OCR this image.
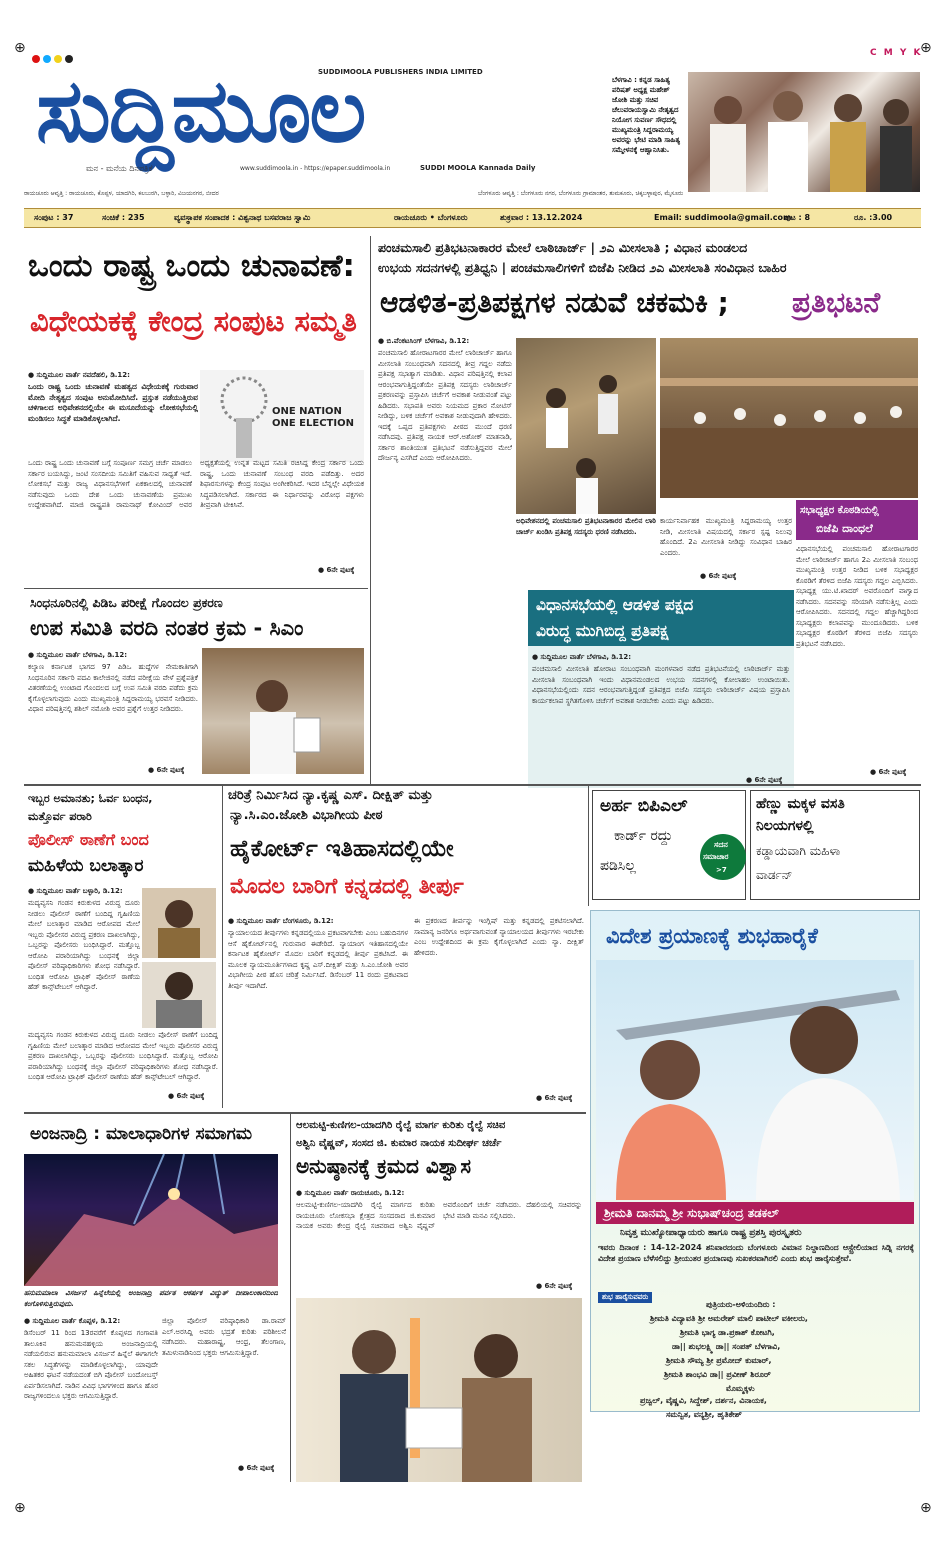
⊕	⊕
C M Y K
ಸುದ್ದಿಮೂಲ
SUDDIMOOLA PUBLISHERS INDIA LIMITED
ಮನ - ಮನೆಯ ದಿನಪತ್ರಿಕೆ	www.suddimoola.in - https://epaper.suddimoola.in	SUDDI MOOLA Kannada Daily
ಬೆಳಗಾವಿ : ಕನ್ನಡ ಸಾಹಿತ್ಯ ಪರಿಷತ್ ಅಧ್ಯಕ್ಷ ಮಹೇಶ್ ಜೋಶಿ ಮತ್ತು ಸಚಿವ ಚೆಲುವರಾಯಸ್ವಾಮಿ ನೇತೃತ್ವದ ನಿಯೋಗ ಸುವರ್ಣ ಸೌಧದಲ್ಲಿ ಮುಖ್ಯಮಂತ್ರಿ ಸಿದ್ದರಾಮಯ್ಯ ಅವರನ್ನು ಭೇಟಿ ಮಾಡಿ ಸಾಹಿತ್ಯ ಸಮ್ಮೇಳನಕ್ಕೆ ಆಹ್ವಾನಿಸಿತು.
ರಾಯಚೂರು ಆವೃತ್ತಿ : ರಾಯಚೂರು, ಕೊಪ್ಪಳ, ಯಾದಗಿರಿ, ಕಲಬುರಗಿ, ಬಳ್ಳಾರಿ, ವಿಜಯನಗರ, ಬೀದರ	ಬೆಂಗಳೂರು ಆವೃತ್ತಿ : ಬೆಂಗಳೂರು ನಗರ, ಬೆಂಗಳೂರು ಗ್ರಾಮಾಂತರ, ತುಮಕೂರು, ಚಿಕ್ಕಬಳ್ಳಾಪುರ, ಮೈಸೂರು
ಸಂಪುಟ : 37	ಸಂಚಿಕೆ : 235	ವ್ಯವಸ್ಥಾಪಕ ಸಂಪಾದಕ : ವಿಶ್ವನಾಥ ಬಸವರಾಜ ಸ್ವಾಮಿ	ರಾಯಚೂರು • ಬೆಂಗಳೂರು	ಶುಕ್ರವಾರ : 13.12.2024	Email: suddimoola@gmail.com
ಪುಟ : 8	ರೂ. :3.00
ಒಂದು ರಾಷ್ಟ್ರ ಒಂದು ಚುನಾವಣೆ:
ವಿಧೇಯಕಕ್ಕೆ ಕೇಂದ್ರ ಸಂಪುಟ ಸಮ್ಮತಿ
● ಸುದ್ದಿಮೂಲ ವಾರ್ತೆ ನವದೆಹಲಿ, ಡಿ.12:
ಒಂದು ರಾಷ್ಟ್ರ ಒಂದು ಚುನಾವಣೆ ಮಹತ್ವದ ವಿಧೇಯಕಕ್ಕೆ ಗುರುವಾರ ಮೋದಿ ನೇತೃತ್ವದ ಸಂಪುಟ ಅನುಮೋದಿಸಿದೆ. ಪ್ರಸ್ತುತ ನಡೆಯುತ್ತಿರುವ ಚಳಿಗಾಲದ ಅಧಿವೇಶನದಲ್ಲಿಯೇ ಈ ಮಸೂದೆಯನ್ನು ಲೋಕಸಭೆಯಲ್ಲಿ ಮಂಡಿಸಲು ಸಿದ್ಧತೆ ಮಾಡಿಕೊಳ್ಳಲಾಗಿದೆ.
ONE NATION ONE ELECTION
ಒಂದು ರಾಷ್ಟ್ರ ಒಂದು ಚುನಾವಣೆ ಬಗ್ಗೆ ಸಂಪೂರ್ಣ ಸಮಗ್ರ ಚರ್ಚೆ ಮಾಡಲು ಸರ್ಕಾರ ಬಯಸಿದ್ದು, ಜಂಟಿ ಸಂಸದೀಯ ಸಮಿತಿಗೆ ವಹಿಸುವ ಸಾಧ್ಯತೆ ಇದೆ. ಲೋಕಸಭೆ ಮತ್ತು ರಾಜ್ಯ ವಿಧಾನಸಭೆಗಳಿಗೆ ಏಕಕಾಲದಲ್ಲಿ ಚುನಾವಣೆ ನಡೆಸುವುದು ಒಂದು ದೇಶ ಒಂದು ಚುನಾವಣೆಯ ಪ್ರಮುಖ ಉದ್ದೇಶವಾಗಿದೆ. ಮಾಜಿ ರಾಷ್ಟ್ರಪತಿ ರಾಮನಾಥ್ ಕೋವಿಂದ್ ಅವರ ಅಧ್ಯಕ್ಷತೆಯಲ್ಲಿ ಉನ್ನತ ಮಟ್ಟದ ಸಮಿತಿ ರಚಿಸಿದ್ದ ಕೇಂದ್ರ ಸರ್ಕಾರ ಒಂದು ರಾಷ್ಟ್ರ, ಒಂದು ಚುನಾವಣೆ ಸಂಬಂಧ ವರದಿ ಪಡೆದಿತ್ತು. ಅದರ ಶಿಫಾರಸುಗಳನ್ನು ಕೇಂದ್ರ ಸಂಪುಟ ಅಂಗೀಕರಿಸಿದೆ. ಇದರ ಬೆನ್ನಲ್ಲೇ ವಿಧೇಯಕ ಸಿದ್ಧಪಡಿಸಲಾಗಿದೆ. ಸರ್ಕಾರದ ಈ ನಿರ್ಧಾರವನ್ನು ವಿರೋಧ ಪಕ್ಷಗಳು ತೀವ್ರವಾಗಿ ಟೀಕಿಸಿವೆ.
● 6ನೇ ಪುಟಕ್ಕೆ
ಪಂಚಮಸಾಲಿ ಪ್ರತಿಭಟನಾಕಾರರ ಮೇಲೆ ಲಾಠಿಚಾರ್ಜ್ | ೨ಎ ಮೀಸಲಾತಿ ; ವಿಧಾನ ಮಂಡಲದ
ಉಭಯ ಸದನಗಳಲ್ಲಿ ಪ್ರತಿಧ್ವನಿ | ಪಂಚಮಸಾಲಿಗಳಿಗೆ ಬಿಜೆಪಿ ನೀಡಿದ ೨ಎ ಮೀಸಲಾತಿ ಸಂವಿಧಾನ ಬಾಹಿರ
ಆಡಳಿತ-ಪ್ರತಿಪಕ್ಷಗಳ ನಡುವೆ ಚಕಮಕಿ ; ಪ್ರತಿಭಟನೆ
● ಬಿ.ವೆಂಕಟಸಿಂಗ್ ಬೆಳಗಾವಿ, ಡಿ.12:
ಪಂಚಮಸಾಲಿ ಹೋರಾಟಗಾರರ ಮೇಲೆ ಲಾಠಿಚಾರ್ಜ್ ಹಾಗೂ ಮೀಸಲಾತಿ ಸಂಬಂಧವಾಗಿ ಸದನದಲ್ಲಿ ತೀವ್ರ ಗದ್ದಲ ನಡೆದು ಪ್ರತಿಪಕ್ಷ ಸಭಾತ್ಯಾಗ ಮಾಡಿತು. ವಿಧಾನ ಪರಿಷತ್ತಿನಲ್ಲಿ ಕಲಾಪ ಆರಂಭವಾಗುತ್ತಿದ್ದಂತೆಯೇ ಪ್ರತಿಪಕ್ಷ ಸದಸ್ಯರು ಲಾಠಿಚಾರ್ಜ್ ಪ್ರಕರಣವನ್ನು ಪ್ರಸ್ತಾಪಿಸಿ ಚರ್ಚೆಗೆ ಅವಕಾಶ ನೀಡುವಂತೆ ಪಟ್ಟು ಹಿಡಿದರು. ಸಭಾಪತಿ ಅವರು ನಿಯಮದ ಪ್ರಕಾರ ನೋಟಿಸ್ ನೀಡಿದ್ದು, ಬಳಿಕ ಚರ್ಚೆಗೆ ಅವಕಾಶ ನೀಡುವುದಾಗಿ ಹೇಳಿದರು. ಇದಕ್ಕೆ ಒಪ್ಪದ ಪ್ರತಿಪಕ್ಷಗಳು ಪೀಠದ ಮುಂದೆ ಧರಣಿ ನಡೆಸಿದವು. ಪ್ರತಿಪಕ್ಷ ನಾಯಕ ಆರ್.ಅಶೋಕ್ ಮಾತನಾಡಿ, ಸರ್ಕಾರ ಶಾಂತಿಯುತ ಪ್ರತಿಭಟನೆ ನಡೆಸುತ್ತಿದ್ದವರ ಮೇಲೆ ದೌರ್ಜನ್ಯ ಎಸಗಿದೆ ಎಂದು ಆರೋಪಿಸಿದರು.
● 6ನೇ ಪುಟಕ್ಕೆ
ಅಧಿವೇಶನದಲ್ಲಿ ಪಂಚಮಸಾಲಿ ಪ್ರತಿಭಟನಾಕಾರರ ಮೇಲಿನ ಲಾಠಿ ಚಾರ್ಜ್ ಖಂಡಿಸಿ ಪ್ರತಿಪಕ್ಷ ಸದಸ್ಯರು ಧರಣಿ ನಡೆಸಿದರು.
ಕಾರ್ಯನಿರ್ವಾಹಕ ಮುಖ್ಯಮಂತ್ರಿ ಸಿದ್ದರಾಮಯ್ಯ ಉತ್ತರ ನೀಡಿ, ಮೀಸಲಾತಿ ವಿಷಯದಲ್ಲಿ ಸರ್ಕಾರ ಸ್ಪಷ್ಟ ನಿಲುವು ಹೊಂದಿದೆ. 2ಎ ಮೀಸಲಾತಿ ನೀಡಿದ್ದು ಸಂವಿಧಾನ ಬಾಹಿರ ಎಂದರು.
ಸಭಾಧ್ಯಕ್ಷರ ಕೊಠಡಿಯಲ್ಲಿ
ಬಿಜೆಪಿ ದಾಂಧಲೆ
ವಿಧಾನಸಭೆಯಲ್ಲಿ ಪಂಚಮಸಾಲಿ ಹೋರಾಟಗಾರರ ಮೇಲೆ ಲಾಠಿಚಾರ್ಜ್ ಹಾಗೂ 2ಎ ಮೀಸಲಾತಿ ಸಂಬಂಧ ಮುಖ್ಯಮಂತ್ರಿ ಉತ್ತರ ನೀಡಿದ ಬಳಿಕ ಸಭಾಧ್ಯಕ್ಷರ ಕೊಠಡಿಗೆ ತೆರಳಿದ ಬಿಜೆಪಿ ಸದಸ್ಯರು ಗದ್ದಲ ಎಬ್ಬಿಸಿದರು. ಸಭಾಧ್ಯಕ್ಷ ಯು.ಟಿ.ಖಾದರ್ ಅವರೊಂದಿಗೆ ವಾಗ್ವಾದ ನಡೆಸಿದರು. ಸದನವನ್ನು ಸರಿಯಾಗಿ ನಡೆಸುತ್ತಿಲ್ಲ ಎಂದು ಆರೋಪಿಸಿದರು. ಸದನದಲ್ಲಿ ಗದ್ದಲ ಹೆಚ್ಚಾಗಿದ್ದರಿಂದ ಸಭಾಧ್ಯಕ್ಷರು ಕಲಾಪವನ್ನು ಮುಂದೂಡಿದರು. ಬಳಿಕ ಸಭಾಧ್ಯಕ್ಷರ ಕೊಠಡಿಗೆ ತೆರಳಿದ ಬಿಜೆಪಿ ಸದಸ್ಯರು ಪ್ರತಿಭಟನೆ ನಡೆಸಿದರು.
● 6ನೇ ಪುಟಕ್ಕೆ
ವಿಧಾನಸಭೆಯಲ್ಲಿ ಆಡಳಿತ ಪಕ್ಷದ
ವಿರುದ್ಧ ಮುಗಿಬಿದ್ದ ಪ್ರತಿಪಕ್ಷ
● ಸುದ್ದಿಮೂಲ ವಾರ್ತೆ ಬೆಳಗಾವಿ, ಡಿ.12:
ಪಂಚಮಸಾಲಿ ಮೀಸಲಾತಿ ಹೋರಾಟ ಸಂಬಂಧವಾಗಿ ಮಂಗಳವಾರ ನಡೆದ ಪ್ರತಿಭಟನೆಯಲ್ಲಿ ಲಾಠಿಚಾರ್ಜ್ ಮತ್ತು ಮೀಸಲಾತಿ ಸಂಬಂಧವಾಗಿ ಇಂದು ವಿಧಾನಮಂಡಲದ ಉಭಯ ಸದನಗಳಲ್ಲಿ ಕೋಲಾಹಲ ಉಂಟಾಯಿತು. ವಿಧಾನಸಭೆಯಲ್ಲಿಂದು ಸದನ ಆರಂಭವಾಗುತ್ತಿದ್ದಂತೆ ಪ್ರತಿಪಕ್ಷದ ಬಿಜೆಪಿ ಸದಸ್ಯರು ಲಾಠಿಚಾರ್ಜ್ ವಿಷಯ ಪ್ರಸ್ತಾಪಿಸಿ ಕಾರ್ಯಕಲಾಪ ಸ್ಥಗಿತಗೊಳಿಸಿ ಚರ್ಚೆಗೆ ಅವಕಾಶ ನೀಡಬೇಕು ಎಂದು ಪಟ್ಟು ಹಿಡಿದರು.
● 6ನೇ ಪುಟಕ್ಕೆ
ಸಿಂಧನೂರಿನಲ್ಲಿ ಪಿಡಿಒ ಪರೀಕ್ಷೆ ಗೊಂದಲ ಪ್ರಕರಣ
ಉಪ ಸಮಿತಿ ವರದಿ ನಂತರ ಕ್ರಮ - ಸಿಎಂ
● ಸುದ್ದಿಮೂಲ ವಾರ್ತೆ ಬೆಳಗಾವಿ, ಡಿ.12:
ಕಲ್ಯಾಣ ಕರ್ನಾಟಕ ಭಾಗದ 97 ಪಿಡಿಒ ಹುದ್ದೆಗಳ ನೇಮಕಾತಿಗಾಗಿ ಸಿಂಧನೂರಿನ ಸರ್ಕಾರಿ ಪದವಿ ಕಾಲೇಜಿನಲ್ಲಿ ನಡೆದ ಪರೀಕ್ಷೆಯ ವೇಳೆ ಪ್ರಶ್ನೆಪತ್ರಿಕೆ ವಿತರಣೆಯಲ್ಲಿ ಉಂಟಾದ ಗೊಂದಲದ ಬಗ್ಗೆ ಉಪ ಸಮಿತಿ ವರದಿ ಪಡೆದು ಕ್ರಮ ಕೈಗೊಳ್ಳಲಾಗುವುದು ಎಂದು ಮುಖ್ಯಮಂತ್ರಿ ಸಿದ್ದರಾಮಯ್ಯ ಭರವಸೆ ನೀಡಿದರು. ವಿಧಾನ ಪರಿಷತ್ತಿನಲ್ಲಿ ಶಶಿಲ್ ನಮೋಶಿ ಅವರ ಪ್ರಶ್ನೆಗೆ ಉತ್ತರ ನೀಡಿದರು.
● 6ನೇ ಪುಟಕ್ಕೆ
ಇಬ್ಬರ ಅಮಾನತು; ಓರ್ವ ಬಂಧನ,
ಮತ್ತೊರ್ವ ಪರಾರಿ
ಪೊಲೀಸ್ ಠಾಣೆಗೆ ಬಂದ
ಮಹಿಳೆಯ ಬಲಾತ್ಕಾರ
● ಸುದ್ದಿಮೂಲ ವಾರ್ತೆ ಬಳ್ಳಾರಿ, ಡಿ.12:
ಮದ್ಯವ್ಯಸನಿ ಗಂಡನ ಕಿರುಕುಳದ ವಿರುದ್ಧ ದೂರು ನೀಡಲು ಪೊಲೀಸ್ ಠಾಣೆಗೆ ಬಂದಿದ್ದ ಗೃಹಿಣಿಯ ಮೇಲೆ ಬಲಾತ್ಕಾರ ಮಾಡಿದ ಆರೋಪದ ಮೇಲೆ ಇಬ್ಬರು ಪೊಲೀಸರ ವಿರುದ್ಧ ಪ್ರಕರಣ ದಾಖಲಾಗಿದ್ದು, ಒಬ್ಬರನ್ನು ಪೊಲೀಸರು ಬಂಧಿಸಿದ್ದಾರೆ. ಮತ್ತೊಬ್ಬ ಆರೋಪಿ ಪರಾರಿಯಾಗಿದ್ದು ಬಂಧನಕ್ಕೆ ಜಿಲ್ಲಾ ಪೊಲೀಸ್ ವರಿಷ್ಠಾಧಿಕಾರಿಗಳು ಶೋಧ ನಡೆಸಿದ್ದಾರೆ. ಬಂಧಿತ ಆರೋಪಿ ಟ್ರಾಫಿಕ್ ಪೊಲೀಸ್ ಠಾಣೆಯ ಹೆಡ್ ಕಾನ್ಸ್‌ಟೇಬಲ್ ಆಗಿದ್ದಾರೆ.
ಮದ್ಯವ್ಯಸನಿ ಗಂಡನ ಕಿರುಕುಳದ ವಿರುದ್ಧ ದೂರು ನೀಡಲು ಪೊಲೀಸ್ ಠಾಣೆಗೆ ಬಂದಿದ್ದ ಗೃಹಿಣಿಯ ಮೇಲೆ ಬಲಾತ್ಕಾರ ಮಾಡಿದ ಆರೋಪದ ಮೇಲೆ ಇಬ್ಬರು ಪೊಲೀಸರ ವಿರುದ್ಧ ಪ್ರಕರಣ ದಾಖಲಾಗಿದ್ದು, ಒಬ್ಬರನ್ನು ಪೊಲೀಸರು ಬಂಧಿಸಿದ್ದಾರೆ. ಮತ್ತೊಬ್ಬ ಆರೋಪಿ ಪರಾರಿಯಾಗಿದ್ದು ಬಂಧನಕ್ಕೆ ಜಿಲ್ಲಾ ಪೊಲೀಸ್ ವರಿಷ್ಠಾಧಿಕಾರಿಗಳು ಶೋಧ ನಡೆಸಿದ್ದಾರೆ. ಬಂಧಿತ ಆರೋಪಿ ಟ್ರಾಫಿಕ್ ಪೊಲೀಸ್ ಠಾಣೆಯ ಹೆಡ್ ಕಾನ್ಸ್‌ಟೇಬಲ್ ಆಗಿದ್ದಾರೆ.
● 6ನೇ ಪುಟಕ್ಕೆ
ಚರಿತ್ರೆ ನಿರ್ಮಿಸಿದ ನ್ಯಾ.ಕೃಷ್ಣ ಎಸ್. ದೀಕ್ಷಿತ್ ಮತ್ತು
ನ್ಯಾ.ಸಿ.ಎಂ.ಜೋಶಿ ವಿಭಾಗೀಯ ಪೀಠ
ಹೈಕೋರ್ಟ್ ಇತಿಹಾಸದಲ್ಲಿಯೇ
ಮೊದಲ ಬಾರಿಗೆ ಕನ್ನಡದಲ್ಲಿ ತೀರ್ಪು
● ಸುದ್ದಿಮೂಲ ವಾರ್ತೆ ಬೆಂಗಳೂರು, ಡಿ.12:
ನ್ಯಾಯಾಲಯದ ತೀರ್ಪುಗಳು ಕನ್ನಡದಲ್ಲಿಯೂ ಪ್ರಕಟವಾಗಬೇಕು ಎಂಬ ಬಹುದಿನಗಳ ಆಸೆ ಹೈಕೋರ್ಟ್‌ನಲ್ಲಿ ಗುರುವಾರ ಈಡೇರಿದೆ. ನ್ಯಾಯಾಂಗ ಇತಿಹಾಸದಲ್ಲಿಯೇ ಕರ್ನಾಟಕ ಹೈಕೋರ್ಟ್ ಮೊದಲ ಬಾರಿಗೆ ಕನ್ನಡದಲ್ಲಿ ತೀರ್ಪು ಪ್ರಕಟಿಸಿದೆ. ಈ ಮೂಲಕ ನ್ಯಾಯಮೂರ್ತಿಗಳಾದ ಕೃಷ್ಣ ಎಸ್.ದೀಕ್ಷಿತ್ ಮತ್ತು ಸಿ.ಎಂ.ಜೋಶಿ ಅವರ ವಿಭಾಗೀಯ ಪೀಠ ಹೊಸ ಚರಿತ್ರೆ ನಿರ್ಮಿಸಿದೆ. ಡಿಸೆಂಬರ್ 11 ರಂದು ಪ್ರಕಟವಾದ ತೀರ್ಪು ಇದಾಗಿದೆ.
ಈ ಪ್ರಕರಣದ ತೀರ್ಪನ್ನು ಇಂಗ್ಲಿಷ್ ಮತ್ತು ಕನ್ನಡದಲ್ಲಿ ಪ್ರಕಟಿಸಲಾಗಿದೆ. ಸಾಮಾನ್ಯ ಜನರಿಗೂ ಅರ್ಥವಾಗುವಂತೆ ನ್ಯಾಯಾಲಯದ ತೀರ್ಪುಗಳು ಇರಬೇಕು ಎಂಬ ಉದ್ದೇಶದಿಂದ ಈ ಕ್ರಮ ಕೈಗೊಳ್ಳಲಾಗಿದೆ ಎಂದು ನ್ಯಾ. ದೀಕ್ಷಿತ್ ಹೇಳಿದರು.
● 6ನೇ ಪುಟಕ್ಕೆ
ಅರ್ಹ ಬಿಪಿಎಲ್
ಕಾರ್ಡ್ ರದ್ದು
ಪಡಿಸಿಲ್ಲ
ಸದನ
ಸಮಾಚಾರ
>7
ಹೆಣ್ಣು ಮಕ್ಕಳ ವಸತಿ
ನಿಲಯಗಳಲ್ಲಿ
ಕಡ್ಡಾಯವಾಗಿ ಮಹಿಳಾ
ವಾರ್ಡನ್
ವಿದೇಶ ಪ್ರಯಾಣಕ್ಕೆ ಶುಭಹಾರೈಕೆ
ಶ್ರೀಮತಿ ದಾನಮ್ಮ ಶ್ರೀ ಸುಭಾಷ್‌ಚಂದ್ರ ತಡಕಲ್
ನಿವೃತ್ತ ಮುಖ್ಯೋಪಾಧ್ಯಾಯರು ಹಾಗೂ ರಾಷ್ಟ್ರ ಪ್ರಶಸ್ತಿ ಪುರಸ್ಕೃತರು
ಇವರು ದಿನಾಂಕ : 14-12-2024 ಶನಿವಾರದಂದು ಬೆಂಗಳೂರು ವಿಮಾನ ನಿಲ್ದಾಣದಿಂದ ಆಸ್ಟ್ರೇಲಿಯಾದ ಸಿಡ್ನಿ ನಗರಕ್ಕೆ ವಿದೇಶ ಪ್ರಯಾಣ ಬೆಳೆಸಲಿದ್ದು ಶ್ರೀಯುತರ ಪ್ರಯಾಣವು ಸುಖಕರವಾಗಿರಲಿ ಎಂದು ಶುಭ ಹಾರೈಸುತ್ತೇವೆ.
ಶುಭ ಹಾರೈಸುವವರು
ಪುತ್ರಿಯರು-ಅಳಿಯಂದಿರು :
ಶ್ರೀಮತಿ ವಿದ್ಯಾವತಿ ಶ್ರೀ ಅಮರೇಶ್ ಮಾಲಿ ಪಾಟೀಲ್ ವಕೀಲರು,
ಶ್ರೀಮತಿ ಭಾಗ್ಯ ಡಾ.ಪ್ರಕಾಶ್ ಕೋಟಗಿ,
ಡಾ|| ಶುಭಲಕ್ಷ್ಮಿ ಡಾ|| ಸಂಪತ್ ಬೆಳಗಾವಿ,
ಶ್ರೀಮತಿ ಸೌಮ್ಯ ಶ್ರೀ ಪ್ರಮೋದ್ ಕುಮಾರ್,
ಶ್ರೀಮತಿ ಶಾಂಭವಿ ಡಾ|| ಪ್ರವೀಣ್ ಶಿರೂರ್
ಮೊಮ್ಮಕ್ಕಳು
ಪ್ರಜ್ವಲ್, ವೈಷ್ಣವಿ, ಸಿದ್ದೇಶ್, ದರ್ಶನ, ವಿನಾಯಕ,
ಸಮನ್ವಿತ, ವನ್ಯಶ್ರೀ, ಹೃತಿಕೇಶ್
ಅಂಜನಾದ್ರಿ : ಮಾಲಾಧಾರಿಗಳ ಸಮಾಗಮ
ಹನುಮಮಾಲಾ ವಿಸರ್ಜನೆ ಹಿನ್ನೆಲೆಯಲ್ಲಿ ಅಂಜನಾದ್ರಿ ಪರ್ವತ ಆಕರ್ಷಕ ವಿದ್ಯುತ್ ದೀಪಾಲಂಕಾರದಿಂದ ಕಂಗೊಳಿಸುತ್ತಿರುವುದು.
● ಸುದ್ದಿಮೂಲ ವಾರ್ತೆ ಕೊಪ್ಪಳ, ಡಿ.12:
ಡಿಸೆಂಬರ್ 11 ರಿಂದ 13ರವರೆಗೆ ಕೊಪ್ಪಳದ ಗಂಗಾವತಿ ತಾಲೂಕಿನ ಹನುಮನಹಳ್ಳಿಯ ಅಂಜನಾದ್ರಿಯಲ್ಲಿ ನಡೆಯಲಿರುವ ಹನುಮಮಾಲಾ ವಿಸರ್ಜನೆ ಹಿನ್ನೆಲೆ ಈಗಾಗಲೇ ಸಕಲ ಸಿದ್ಧತೆಗಳನ್ನು ಮಾಡಿಕೊಳ್ಳಲಾಗಿದ್ದು, ಯಾವುದೇ ಅಹಿತಕರ ಘಟನೆ ನಡೆಯದಂತೆ ಬಿಗಿ ಪೊಲೀಸ್ ಬಂದೋಬಸ್ತ್ ಏರ್ಪಡಿಸಲಾಗಿದೆ. ನಾಡಿನ ವಿವಿಧ ಭಾಗಗಳಿಂದ ಹಾಗೂ ಹೊರ ರಾಜ್ಯಗಳಿಂದಲೂ ಭಕ್ತರು ಆಗಮಿಸುತ್ತಿದ್ದಾರೆ.
ಜಿಲ್ಲಾ ಪೊಲೀಸ್ ವರಿಷ್ಠಾಧಿಕಾರಿ ಡಾ.ರಾಮ್ ಎಲ್.ಅರಸಿದ್ದಿ ಅವರು ಭದ್ರತೆ ಕುರಿತು ಪರಿಶೀಲನೆ ನಡೆಸಿದರು. ಮಹಾರಾಷ್ಟ್ರ, ಆಂಧ್ರ, ತೆಲಂಗಾಣ, ತಮಿಳುನಾಡಿನಿಂದ ಭಕ್ತರು ಆಗಮಿಸುತ್ತಿದ್ದಾರೆ.
● 6ನೇ ಪುಟಕ್ಕೆ
ಆಲಮಟ್ಟಿ-ಕುಣಿಗಲ-ಯಾದಗಿರಿ ರೈಲ್ವೆ ಮಾರ್ಗ ಕುರಿತು ರೈಲ್ವೆ ಸಚಿವ
ಅಶ್ವಿನಿ ವೈಷ್ಣವ್, ಸಂಸದ ಜಿ. ಕುಮಾರ ನಾಯಕ ಸುದೀರ್ಘ ಚರ್ಚೆ
ಅನುಷ್ಠಾನಕ್ಕೆ ಕ್ರಮದ ವಿಶ್ವಾಸ
● ಸುದ್ದಿಮೂಲ ವಾರ್ತೆ ರಾಯಚೂರು, ಡಿ.12:
ಆಲಮಟ್ಟಿ-ಕುಣಿಗಲ-ಯಾದಗಿರಿ ರೈಲ್ವೆ ಮಾರ್ಗದ ಕುರಿತು ರಾಯಚೂರು ಲೋಕಸಭಾ ಕ್ಷೇತ್ರದ ಸಂಸದರಾದ ಜಿ.ಕುಮಾರ ನಾಯಕ ಅವರು ಕೇಂದ್ರ ರೈಲ್ವೆ ಸಚಿವರಾದ ಅಶ್ವಿನಿ ವೈಷ್ಣವ್ ಅವರೊಂದಿಗೆ ಚರ್ಚೆ ನಡೆಸಿದರು. ದೆಹಲಿಯಲ್ಲಿ ಸಚಿವರನ್ನು ಭೇಟಿ ಮಾಡಿ ಮನವಿ ಸಲ್ಲಿಸಿದರು.
● 6ನೇ ಪುಟಕ್ಕೆ
⊕	⊕
